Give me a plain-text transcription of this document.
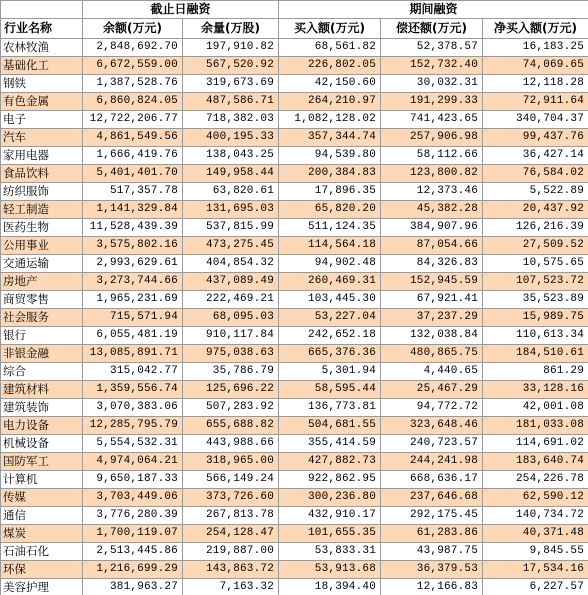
	截止日融资		期间融资		
行业名称	余额(万元)	余量(万股)	买入额(万元)	偿还额(万元)	净买入额(万元)
农林牧渔	2,848,692.70	197,910.82	68,561.82	52,378.57	16,183.25
基础化工	6,672,559.00	567,520.92	226,802.05	152,732.40	74,069.65
钢铁	1,387,528.76	319,673.69	42,150.60	30,032.31	12,118.28
有色金属	6,860,824.05	487,586.71	264,210.97	191,299.33	72,911.64
电子	12,722,206.77	718,382.03	1,082,128.02	741,423.65	340,704.37
汽车	4,861,549.56	400,195.33	357,344.74	257,906.98	99,437.76
家用电器	1,666,419.76	138,043.25	94,539.80	58,112.66	36,427.14
食品饮料	5,401,401.70	149,958.44	200,384.83	123,800.82	76,584.02
纺织服饰	517,357.78	63,820.61	17,896.35	12,373.46	5,522.89
轻工制造	1,141,329.84	131,695.03	65,820.20	45,382.28	20,437.92
医药生物	11,528,439.39	537,815.99	511,124.35	384,907.96	126,216.39
公用事业	3,575,802.16	473,275.45	114,564.18	87,054.66	27,509.52
交通运输	2,993,629.61	404,854.32	94,902.48	84,326.83	10,575.65
房地产	3,273,744.66	437,089.49	260,469.31	152,945.59	107,523.72
商贸零售	1,965,231.69	222,469.21	103,445.30	67,921.41	35,523.89
社会服务	715,571.94	68,095.03	53,227.04	37,237.29	15,989.75
银行	6,055,481.19	910,117.84	242,652.18	132,038.84	110,613.34
非银金融	13,085,891.71	975,038.63	665,376.36	480,865.75	184,510.61
综合	315,042.77	35,786.79	5,301.94	4,440.65	861.29
建筑材料	1,359,556.74	125,696.22	58,595.44	25,467.29	33,128.16
建筑装饰	3,070,383.06	507,283.92	136,773.81	94,772.72	42,001.08
电力设备	12,285,795.79	655,688.82	504,681.55	323,648.46	181,033.08
机械设备	5,554,532.31	443,988.66	355,414.59	240,723.57	114,691.02
国防军工	4,974,064.21	318,965.00	427,882.73	244,241.98	183,640.74
计算机	9,650,187.33	566,149.24	922,862.95	668,636.17	254,226.78
传媒	3,703,449.06	373,726.60	300,236.80	237,646.68	62,590.12
通信	3,776,280.39	267,813.78	432,910.17	292,175.45	140,734.72
煤炭	1,700,119.07	254,128.47	101,655.35	61,283.86	40,371.48
石油石化	2,513,445.86	219,887.00	53,833.31	43,987.75	9,845.55
环保	1,216,699.29	143,863.72	53,913.68	36,379.53	17,534.16
美容护理	381,963.27	7,163.32	18,394.40	12,166.83	6,227.57
